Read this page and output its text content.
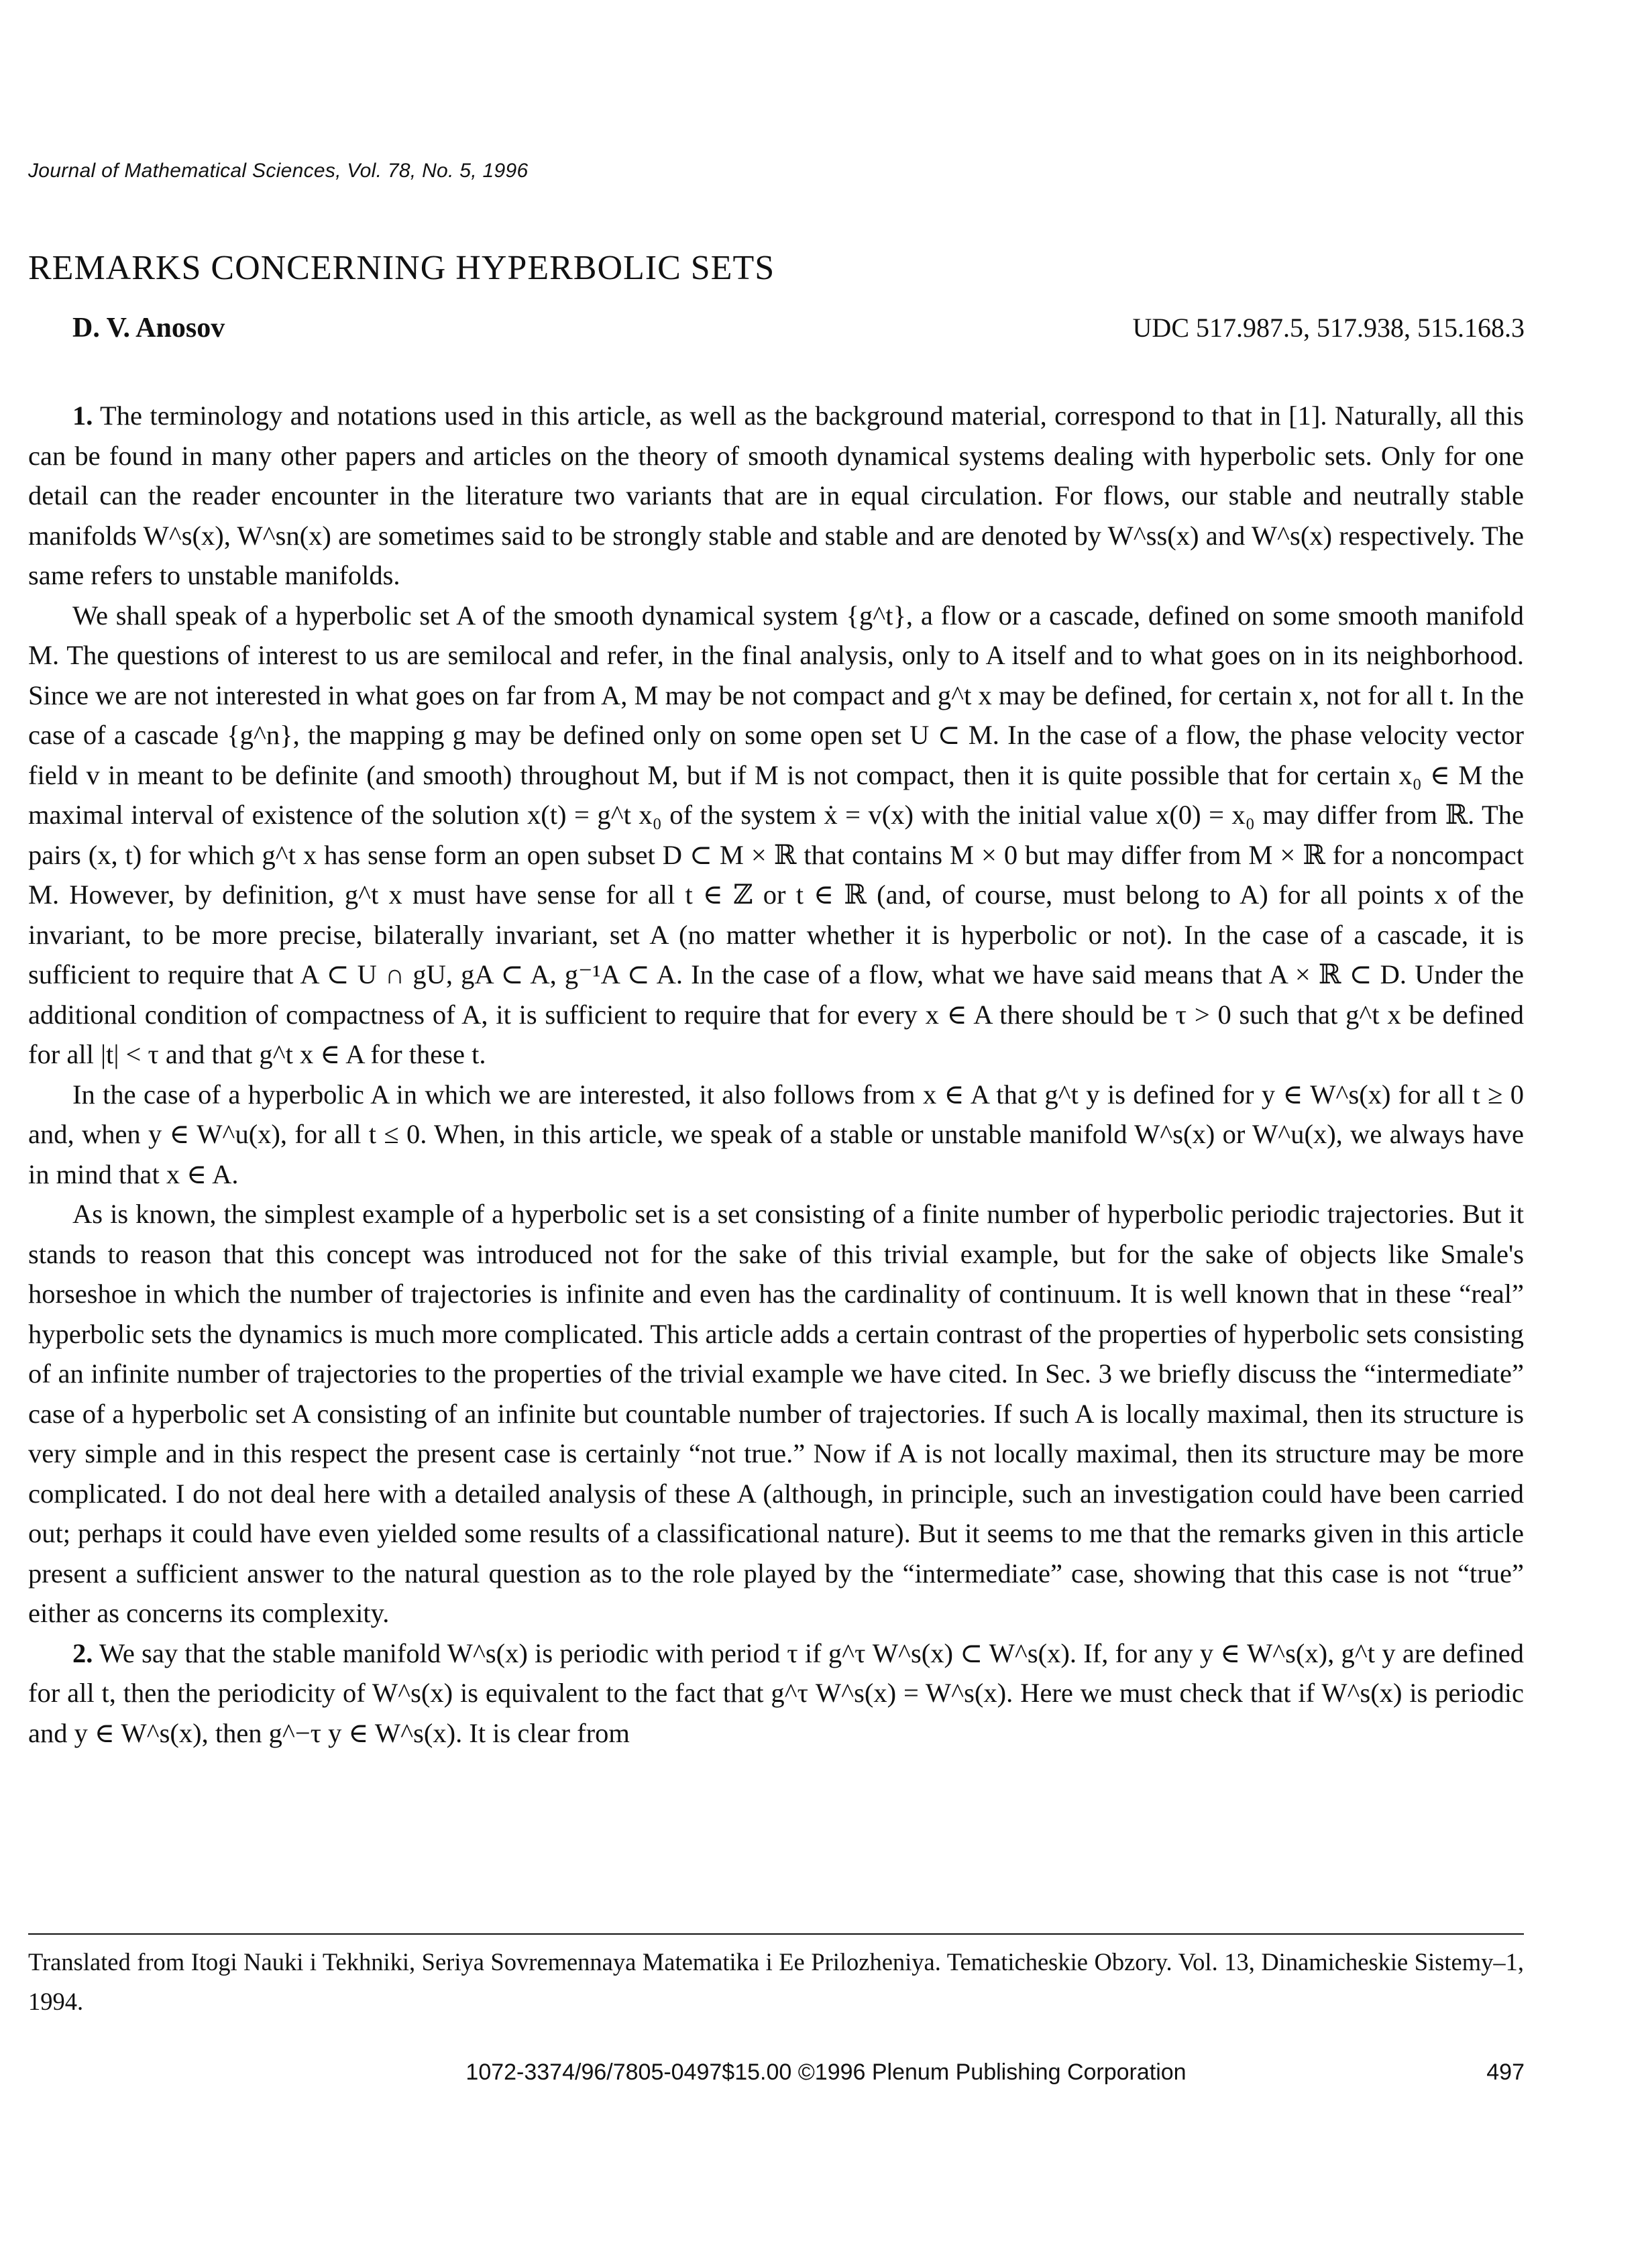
Journal of Mathematical Sciences, Vol. 78, No. 5, 1996
REMARKS CONCERNING HYPERBOLIC SETS
D. V. Anosov	UDC 517.987.5, 517.938, 515.168.3

1. The terminology and notations used in this article, as well as the background material, correspond to that in [1]. Naturally, all this can be found in many other papers and articles on the theory of smooth dynamical systems dealing with hyperbolic sets. Only for one detail can the reader encounter in the literature two variants that are in equal circulation. For flows, our stable and neutrally stable manifolds W^s(x), W^sn(x) are sometimes said to be strongly stable and stable and are denoted by W^ss(x) and W^s(x) respectively. The same refers to unstable manifolds.

We shall speak of a hyperbolic set A of the smooth dynamical system {g^t}, a flow or a cascade, defined on some smooth manifold M. The questions of interest to us are semilocal and refer, in the final analysis, only to A itself and to what goes on in its neighborhood. Since we are not interested in what goes on far from A, M may be not compact and g^t x may be defined, for certain x, not for all t. In the case of a cascade {g^n}, the mapping g may be defined only on some open set U ⊂ M. In the case of a flow, the phase velocity vector field v in meant to be definite (and smooth) throughout M, but if M is not compact, then it is quite possible that for certain x₀ ∈ M the maximal interval of existence of the solution x(t) = g^t x₀ of the system ẋ = v(x) with the initial value x(0) = x₀ may differ from ℝ. The pairs (x, t) for which g^t x has sense form an open subset D ⊂ M × ℝ that contains M × 0 but may differ from M × ℝ for a noncompact M. However, by definition, g^t x must have sense for all t ∈ ℤ or t ∈ ℝ (and, of course, must belong to A) for all points x of the invariant, to be more precise, bilaterally invariant, set A (no matter whether it is hyperbolic or not). In the case of a cascade, it is sufficient to require that A ⊂ U ∩ gU, gA ⊂ A, g⁻¹A ⊂ A. In the case of a flow, what we have said means that A × ℝ ⊂ D. Under the additional condition of compactness of A, it is sufficient to require that for every x ∈ A there should be τ > 0 such that g^t x be defined for all |t| < τ and that g^t x ∈ A for these t.

In the case of a hyperbolic A in which we are interested, it also follows from x ∈ A that g^t y is defined for y ∈ W^s(x) for all t ≥ 0 and, when y ∈ W^u(x), for all t ≤ 0. When, in this article, we speak of a stable or unstable manifold W^s(x) or W^u(x), we always have in mind that x ∈ A.

As is known, the simplest example of a hyperbolic set is a set consisting of a finite number of hyperbolic periodic trajectories. But it stands to reason that this concept was introduced not for the sake of this trivial example, but for the sake of objects like Smale's horseshoe in which the number of trajectories is infinite and even has the cardinality of continuum. It is well known that in these “real” hyperbolic sets the dynamics is much more complicated. This article adds a certain contrast of the properties of hyperbolic sets consisting of an infinite number of trajectories to the properties of the trivial example we have cited. In Sec. 3 we briefly discuss the “intermediate” case of a hyperbolic set A consisting of an infinite but countable number of trajectories. If such A is locally maximal, then its structure is very simple and in this respect the present case is certainly “not true.” Now if A is not locally maximal, then its structure may be more complicated. I do not deal here with a detailed analysis of these A (although, in principle, such an investigation could have been carried out; perhaps it could have even yielded some results of a classificational nature). But it seems to me that the remarks given in this article present a sufficient answer to the natural question as to the role played by the “intermediate” case, showing that this case is not “true” either as concerns its complexity.

2. We say that the stable manifold W^s(x) is periodic with period τ if g^τ W^s(x) ⊂ W^s(x). If, for any y ∈ W^s(x), g^t y are defined for all t, then the periodicity of W^s(x) is equivalent to the fact that g^τ W^s(x) = W^s(x). Here we must check that if W^s(x) is periodic and y ∈ W^s(x), then g^−τ y ∈ W^s(x). It is clear from

Translated from Itogi Nauki i Tekhniki, Seriya Sovremennaya Matematika i Ee Prilozheniya. Tematicheskie Obzory. Vol. 13, Dinamicheskie Sistemy–1, 1994.
1072-3374/96/7805-0497$15.00 ©1996 Plenum Publishing Corporation	497
